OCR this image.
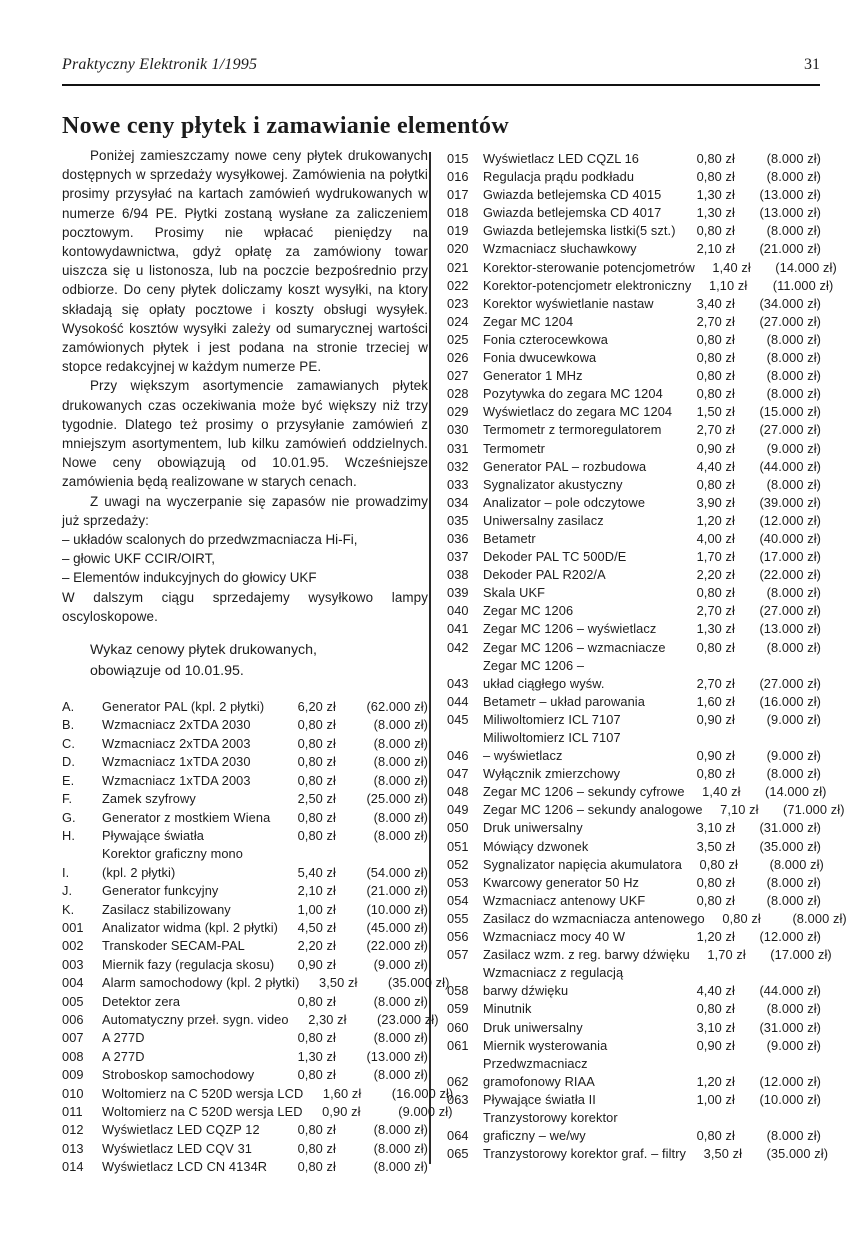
Praktyczny Elektronik 1/1995	31
Nowe ceny płytek i zamawianie elementów

Poniżej zamieszczamy nowe ceny płytek drukowanych dostępnych w sprzedaży wysyłkowej. Zamówienia na połytki prosimy przysyłać na kartach zamówień wydrukowanych w numerze 6/94 PE. Płytki zostaną wysłane za zaliczeniem pocztowym. Prosimy nie wpłacać pieniędzy na kontowydawnictwa, gdyż opłatę za zamówiony towar uiszcza się u listonosza, lub na poczcie bezpośrednio przy odbiorze. Do ceny płytek doliczamy koszt wysyłki, na ktory składają się opłaty pocztowe i koszty obsługi wysyłek. Wysokość kosztów wysyłki zależy od sumarycznej wartości zamówionych płytek i jest podana na stronie trzeciej w stopce redakcyjnej w każdym numerze PE.

Przy większym asortymencie zamawianych płytek drukowanych czas oczekiwania może być większy niż trzy tygodnie. Dlatego też prosimy o przysyłanie zamówień z mniejszym asortymentem, lub kilku zamówień oddzielnych. Nowe ceny obowiązują od 10.01.95. Wcześniejsze zamówienia będą realizowane w starych cenach.

Z uwagi na wyczerpanie się zapasów nie prowadzimy już sprzedaży:

– układów scalonych do przedwzmacniacza Hi-Fi,
– głowic UKF CCIR/OIRT,
– Elementów indukcyjnych do głowicy UKF

W dalszym ciągu sprzedajemy wysyłkowo lampy oscyloskopowe.

Wykaz cenowy płytek drukowanych,
obowiązuje od 10.01.95.
A.	Generator PAL (kpl. 2 płytki)	6,20 zł	(62.000 zł)
B.	Wzmacniacz 2xTDA 2030	0,80 zł	(8.000 zł)
C.	Wzmacniacz 2xTDA 2003	0,80 zł	(8.000 zł)
D.	Wzmacniacz 1xTDA 2030	0,80 zł	(8.000 zł)
E.	Wzmacniacz 1xTDA 2003	0,80 zł	(8.000 zł)
F.	Zamek szyfrowy	2,50 zł	(25.000 zł)
G.	Generator z mostkiem Wiena	0,80 zł	(8.000 zł)
H.	Pływające światła	0,80 zł	(8.000 zł)
I.
Korektor graficzny mono
(kpl. 2 płytki)	5,40 zł	(54.000 zł)
J.	Generator funkcyjny	2,10 zł	(21.000 zł)
K.	Zasilacz stabilizowany	1,00 zł	(10.000 zł)
001	Analizator widma (kpl. 2 płytki)	4,50 zł	(45.000 zł)
002	Transkoder SECAM-PAL	2,20 zł	(22.000 zł)
003	Miernik fazy (regulacja skosu)	0,90 zł	(9.000 zł)
004	Alarm samochodowy (kpl. 2 płytki)	3,50 zł	(35.000 zł)
005	Detektor zera	0,80 zł	(8.000 zł)
006	Automatyczny przeł. sygn. video	2,30 zł	(23.000 zł)
007	A 277D	0,80 zł	(8.000 zł)
008	A 277D	1,30 zł	(13.000 zł)
009	Stroboskop samochodowy	0,80 zł	(8.000 zł)
010	Woltomierz na C 520D wersja LCD	1,60 zł	(16.000 zł)
011	Woltomierz na C 520D wersja LED	0,90 zł	(9.000 zł)
012	Wyświetlacz LED CQZP 12	0,80 zł	(8.000 zł)
013	Wyświetlacz LED CQV 31	0,80 zł	(8.000 zł)
014	Wyświetlacz LCD CN 4134R	0,80 zł	(8.000 zł)
015	Wyświetlacz LED CQZL 16	0,80 zł	(8.000 zł)
016	Regulacja prądu podkładu	0,80 zł	(8.000 zł)
017	Gwiazda betlejemska CD 4015	1,30 zł	(13.000 zł)
018	Gwiazda betlejemska CD 4017	1,30 zł	(13.000 zł)
019	Gwiazda betlejemska listki(5 szt.)	0,80 zł	(8.000 zł)
020	Wzmacniacz słuchawkowy	2,10 zł	(21.000 zł)
021	Korektor-sterowanie potencjometrów	1,40 zł	(14.000 zł)
022	Korektor-potencjometr elektroniczny	1,10 zł	(11.000 zł)
023	Korektor wyświetlanie nastaw	3,40 zł	(34.000 zł)
024	Zegar MC 1204	2,70 zł	(27.000 zł)
025	Fonia czterocewkowa	0,80 zł	(8.000 zł)
026	Fonia dwucewkowa	0,80 zł	(8.000 zł)
027	Generator 1 MHz	0,80 zł	(8.000 zł)
028	Pozytywka do zegara MC 1204	0,80 zł	(8.000 zł)
029	Wyświetlacz do zegara MC 1204	1,50 zł	(15.000 zł)
030	Termometr z termoregulatorem	2,70 zł	(27.000 zł)
031	Termometr	0,90 zł	(9.000 zł)
032	Generator PAL – rozbudowa	4,40 zł	(44.000 zł)
033	Sygnalizator akustyczny	0,80 zł	(8.000 zł)
034	Analizator – pole odczytowe	3,90 zł	(39.000 zł)
035	Uniwersalny zasilacz	1,20 zł	(12.000 zł)
036	Betametr	4,00 zł	(40.000 zł)
037	Dekoder PAL TC 500D/E	1,70 zł	(17.000 zł)
038	Dekoder PAL R202/A	2,20 zł	(22.000 zł)
039	Skala UKF	0,80 zł	(8.000 zł)
040	Zegar MC 1206	2,70 zł	(27.000 zł)
041	Zegar MC 1206 – wyświetlacz	1,30 zł	(13.000 zł)
042	Zegar MC 1206 – wzmacniacze	0,80 zł	(8.000 zł)
043
Zegar MC 1206 –
układ ciągłego wyśw.	2,70 zł	(27.000 zł)
044	Betametr – układ parowania	1,60 zł	(16.000 zł)
045	Miliwoltomierz ICL 7107	0,90 zł	(9.000 zł)
046
Miliwoltomierz ICL 7107
– wyświetlacz	0,90 zł	(9.000 zł)
047	Wyłącznik zmierzchowy	0,80 zł	(8.000 zł)
048	Zegar MC 1206 – sekundy cyfrowe	1,40 zł	(14.000 zł)
049	Zegar MC 1206 – sekundy analogowe	7,10 zł	(71.000 zł)
050	Druk uniwersalny	3,10 zł	(31.000 zł)
051	Mówiący dzwonek	3,50 zł	(35.000 zł)
052	Sygnalizator napięcia akumulatora	0,80 zł	(8.000 zł)
053	Kwarcowy generator 50 Hz	0,80 zł	(8.000 zł)
054	Wzmacniacz antenowy UKF	0,80 zł	(8.000 zł)
055	Zasilacz do wzmacniacza antenowego	0,80 zł	(8.000 zł)
056	Wzmacniacz mocy 40 W	1,20 zł	(12.000 zł)
057	Zasilacz wzm. z reg. barwy dźwięku	1,70 zł	(17.000 zł)
058
Wzmacniacz z regulacją
barwy dźwięku	4,40 zł	(44.000 zł)
059	Minutnik	0,80 zł	(8.000 zł)
060	Druk uniwersalny	3,10 zł	(31.000 zł)
061	Miernik wysterowania	0,90 zł	(9.000 zł)
062
Przedwzmacniacz
gramofonowy RIAA	1,20 zł	(12.000 zł)
063	Pływające światła II	1,00 zł	(10.000 zł)
064
Tranzystorowy korektor
graficzny – we/wy	0,80 zł	(8.000 zł)
065	Tranzystorowy korektor graf. – filtry	3,50 zł	(35.000 zł)
